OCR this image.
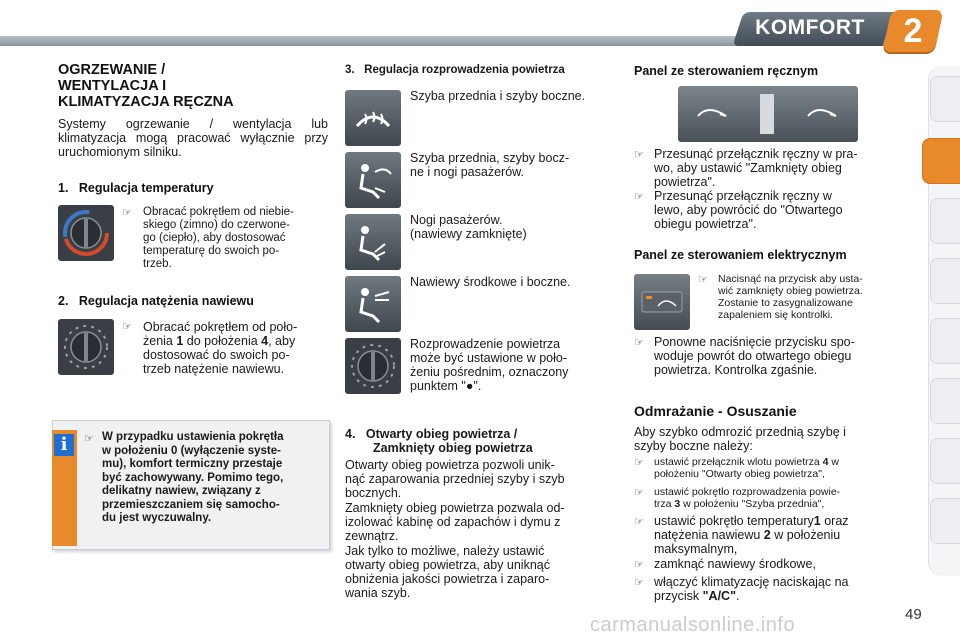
KOMFORT	2
OGRZEWANIE /
WENTYLACJA I
KLIMATYZACJA RĘCZNA
Systemy ogrzewanie / wentylacja lub klimatyzacja mogą pracować wyłącznie przy uruchomionym silniku.
1.   Regulacja temperatury
☞ Obracać pokrętłem od niebie-
skiego (zimno) do czerwone-
go (ciepło), aby dostosować
temperaturę do swoich po-
trzeb.
2.   Regulacja natężenia nawiewu
☞ Obracać pokrętłem od poło-
żenia 1 do położenia 4, aby
dostosować do swoich po-
trzeb natężenie nawiewu.
i	☞ W przypadku ustawienia pokrętła
w położeniu 0 (wyłączenie syste-
mu), komfort termiczny przestaje
być zachowywany. Pomimo tego,
delikatny nawiew, związany z
przemieszczaniem się samocho-
du jest wyczuwalny.
3.   Regulacja rozprowadzenia powietrza
Szyba przednia i szyby boczne.
Szyba przednia, szyby bocz-
ne i nogi pasażerów.
Nogi pasażerów.
(nawiewy zamknięte)
Nawiewy środkowe i boczne.
Rozprowadzenie powietrza
może być ustawione w poło-
żeniu pośrednim, oznaczony
punktem "●".
4.   Otwarty obieg powietrza /
Zamknięty obieg powietrza
Otwarty obieg powietrza pozwoli unik-
nąć zaparowania przedniej szyby i szyb
bocznych.
Zamknięty obieg powietrza pozwala od-
izolować kabinę od zapachów i dymu z
zewnątrz.
Jak tylko to możliwe, należy ustawić
otwarty obieg powietrza, aby uniknąć
obniżenia jakości powietrza i zaparo-
wania szyb.
Panel ze sterowaniem ręcznym
☞ Przesunąć przełącznik ręczny w pra-
wo, aby ustawić "Zamknięty obieg
powietrza".
☞ Przesunąć przełącznik ręczny w
lewo, aby powrócić do "Otwartego
obiegu powietrza".
Panel ze sterowaniem elektrycznym
☞ Nacisnąć na przycisk aby usta-
wić zamknięty obieg powietrza.
Zostanie to zasygnalizowane
zapaleniem się kontrolki.
☞ Ponowne naciśnięcie przycisku spo-
woduje powrót do otwartego obiegu
powietrza. Kontrolka zgaśnie.
Odmrażanie - Osuszanie
Aby szybko odmrozić przednią szybę i
szyby boczne należy:
☞ ustawić przełącznik wlotu powietrza 4 w
położeniu "Otwarty obieg powietrza",
☞ ustawić pokrętło rozprowadzenia powie-
trza 3 w położeniu "Szyba przednia",
☞ ustawić pokrętło temperatury1 oraz
natężenia nawiewu 2 w położeniu
maksymalnym,
☞ zamknąć nawiewy środkowe,
☞ włączyć klimatyzację naciskając na
przycisk "A/C".
carmanualsonline.info	49
